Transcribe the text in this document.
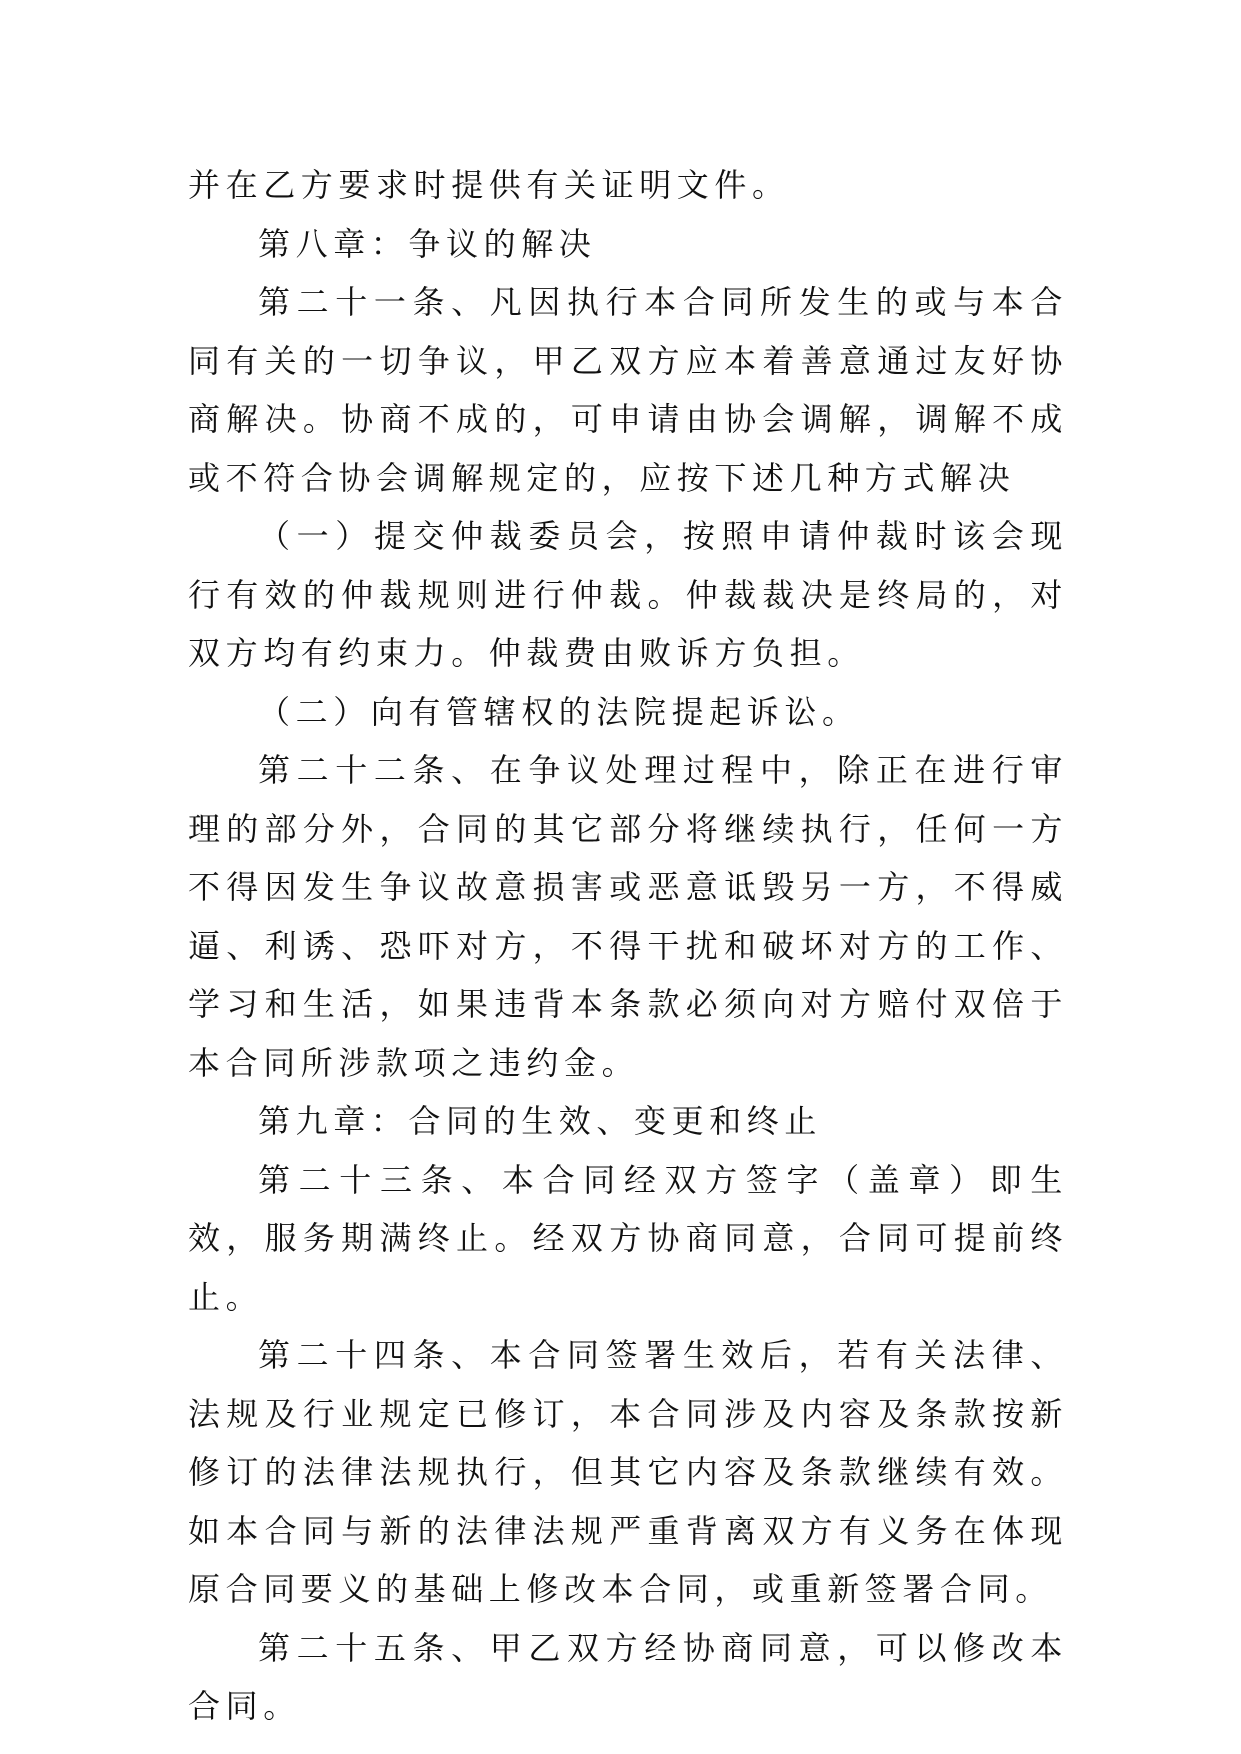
并在乙方要求时提供有关证明文件。

第八章：争议的解决

第二十一条、凡因执行本合同所发生的或与本合同有关的一切争议，甲乙双方应本着善意通过友好协商解决。协商不成的，可申请由协会调解，调解不成或不符合协会调解规定的，应按下述几种方式解决

（一）提交仲裁委员会，按照申请仲裁时该会现行有效的仲裁规则进行仲裁。仲裁裁决是终局的，对双方均有约束力。仲裁费由败诉方负担。

（二）向有管辖权的法院提起诉讼。

第二十二条、在争议处理过程中，除正在进行审理的部分外，合同的其它部分将继续执行，任何一方不得因发生争议故意损害或恶意诋毁另一方，不得威逼、利诱、恐吓对方，不得干扰和破坏对方的工作、学习和生活，如果违背本条款必须向对方赔付双倍于本合同所涉款项之违约金。

第九章：合同的生效、变更和终止

第二十三条、本合同经双方签字（盖章）即生效，服务期满终止。经双方协商同意，合同可提前终止。

第二十四条、本合同签署生效后，若有关法律、法规及行业规定已修订，本合同涉及内容及条款按新修订的法律法规执行，但其它内容及条款继续有效。如本合同与新的法律法规严重背离双方有义务在体现原合同要义的基础上修改本合同，或重新签署合同。

第二十五条、甲乙双方经协商同意，可以修改本合同。
